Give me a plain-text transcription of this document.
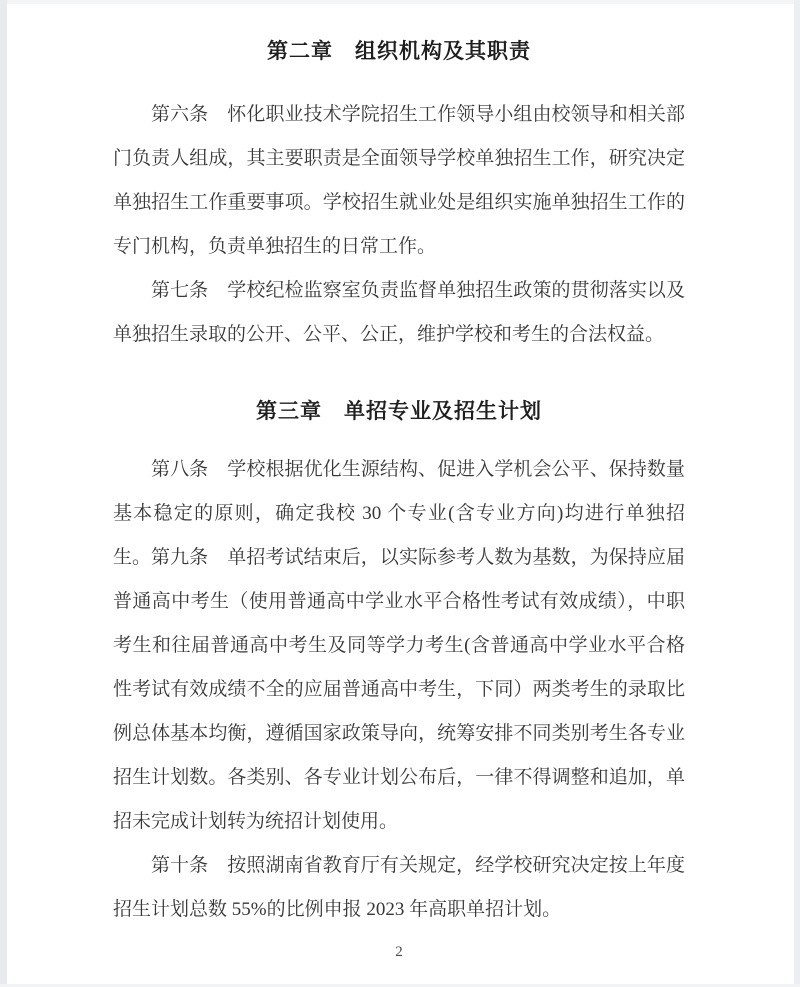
第二章　组织机构及其职责
第六条　怀化职业技术学院招生工作领导小组由校领导和相关部
门负责人组成，其主要职责是全面领导学校单独招生工作，研究决定
单独招生工作重要事项。学校招生就业处是组织实施单独招生工作的
专门机构，负责单独招生的日常工作。
第七条　学校纪检监察室负责监督单独招生政策的贯彻落实以及
单独招生录取的公开、公平、公正，维护学校和考生的合法权益。
第三章　单招专业及招生计划
第八条　学校根据优化生源结构、促进入学机会公平、保持数量
基本稳定的原则，确定我校 30 个专业(含专业方向)均进行单独招生。 第九条　单招考试结束后，以实际参考人数为基数，为保持应届
普通高中考生（使用普通高中学业水平合格性考试有效成绩），中职
考生和往届普通高中考生及同等学力考生(含普通高中学业水平合格
性考试有效成绩不全的应届普通高中考生，下同）两类考生的录取比
例总体基本均衡，遵循国家政策导向，统筹安排不同类别考生各专业
招生计划数。各类别、各专业计划公布后，一律不得调整和追加，单
招未完成计划转为统招计划使用。
第十条　按照湖南省教育厅有关规定，经学校研究决定按上年度
招生计划总数 55%的比例申报 2023 年高职单招计划。
2
